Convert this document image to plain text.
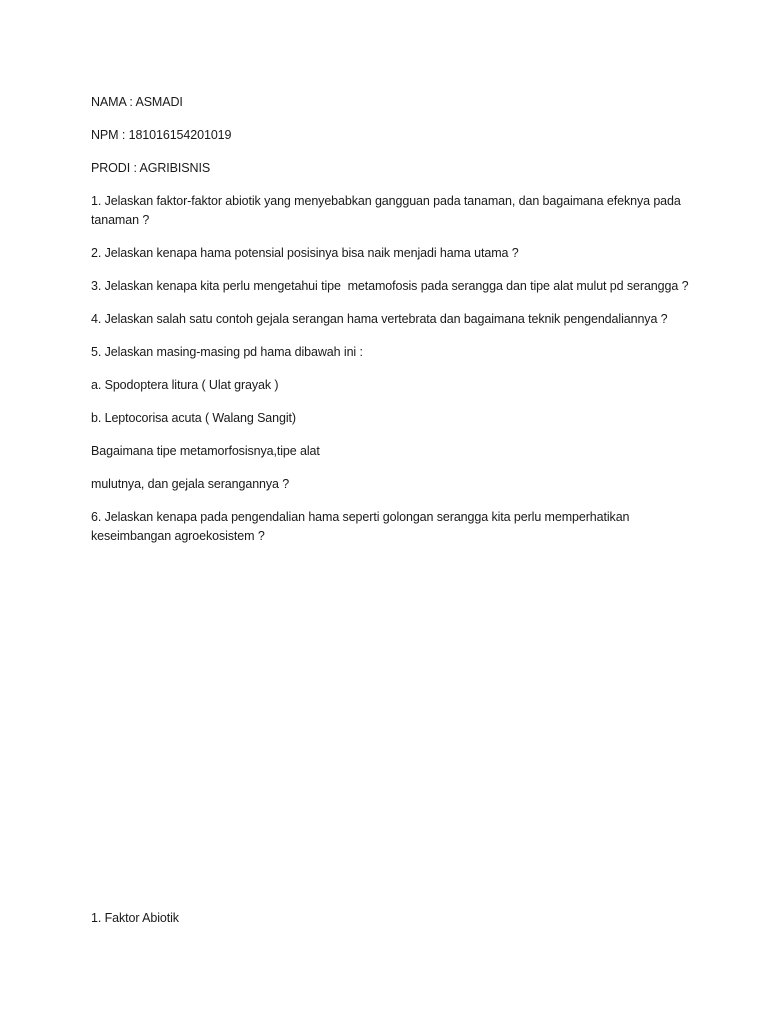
NAMA : ASMADI

NPM : 181016154201019

PRODI : AGRIBISNIS

1. Jelaskan faktor-faktor abiotik yang menyebabkan gangguan pada tanaman, dan bagaimana efeknya pada tanaman ?

2. Jelaskan kenapa hama potensial posisinya bisa naik menjadi hama utama ?

3. Jelaskan kenapa kita perlu mengetahui tipe  metamofosis pada serangga dan tipe alat mulut pd serangga ?

4. Jelaskan salah satu contoh gejala serangan hama vertebrata dan bagaimana teknik pengendaliannya ?

5. Jelaskan masing-masing pd hama dibawah ini :

a. Spodoptera litura ( Ulat grayak )

b. Leptocorisa acuta ( Walang Sangit)

Bagaimana tipe metamorfosisnya,tipe alat

mulutnya, dan gejala serangannya ?

6. Jelaskan kenapa pada pengendalian hama seperti golongan serangga kita perlu memperhatikan keseimbangan agroekosistem ?

1. Faktor Abiotik
